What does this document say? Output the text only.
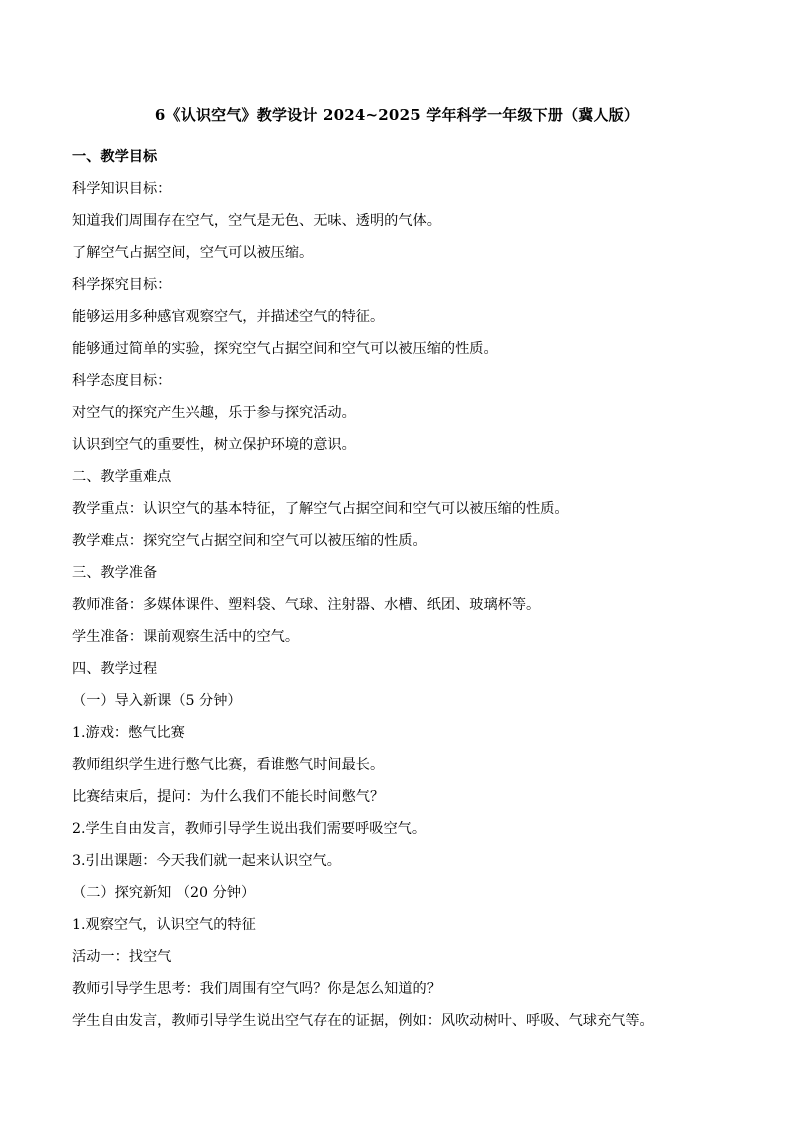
6《认识空气》教学设计 2024~2025 学年科学一年级下册（冀人版）
一、教学目标
科学知识目标：
知道我们周围存在空气，空气是无色、无味、透明的气体。
了解空气占据空间，空气可以被压缩。
科学探究目标：
能够运用多种感官观察空气，并描述空气的特征。
能够通过简单的实验，探究空气占据空间和空气可以被压缩的性质。
科学态度目标：
对空气的探究产生兴趣，乐于参与探究活动。
认识到空气的重要性，树立保护环境的意识。
二、教学重难点
教学重点：认识空气的基本特征，了解空气占据空间和空气可以被压缩的性质。
教学难点：探究空气占据空间和空气可以被压缩的性质。
三、教学准备
教师准备：多媒体课件、塑料袋、气球、注射器、水槽、纸团、玻璃杯等。
学生准备：课前观察生活中的空气。
四、教学过程
（一）导入新课（5 分钟）
1.游戏：憋气比赛
教师组织学生进行憋气比赛，看谁憋气时间最长。
比赛结束后，提问：为什么我们不能长时间憋气？
2.学生自由发言，教师引导学生说出我们需要呼吸空气。
3.引出课题：今天我们就一起来认识空气。
（二）探究新知 （20 分钟）
1.观察空气，认识空气的特征
活动一：找空气
教师引导学生思考：我们周围有空气吗？你是怎么知道的？
学生自由发言，教师引导学生说出空气存在的证据，例如：风吹动树叶、呼吸、气球充气等。
